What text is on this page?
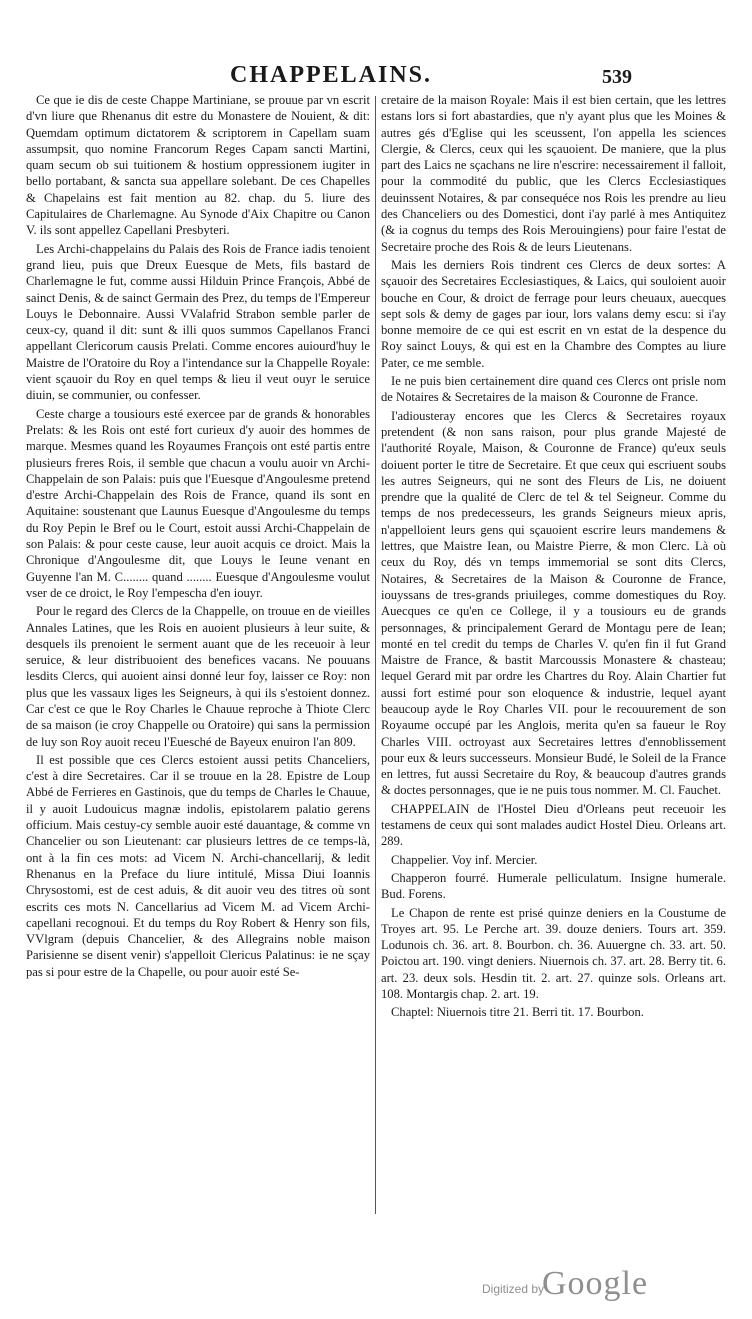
CHAPPELAINS.	539

Ce que ie dis de ceste Chappe Martiniane, se prouue par vn escrit d'vn liure que Rhenanus dit estre du Monastere de Nouient, & dit: Quemdam optimum dictatorem & scriptorem in Capellam suam assumpsit, quo nomine Francorum Reges Capam sancti Martini, quam secum ob sui tuitionem & hostium oppressionem iugiter in bello portabant, & sancta sua appellare solebant. De ces Chapelles & Chapelains est fait mention au 82. chap. du 5. liure des Capitulaires de Charlemagne. Au Synode d'Aix Chapitre ou Canon V. ils sont appellez Capellani Presbyteri.

Les Archi-chappelains du Palais des Rois de France iadis tenoient grand lieu, puis que Dreux Euesque de Mets, fils bastard de Charlemagne le fut, comme aussi Hilduin Prince François, Abbé de sainct Denis, & de sainct Germain des Prez, du temps de l'Empereur Louys le Debonnaire. Aussi VValafrid Strabon semble parler de ceux-cy, quand il dit: sunt & illi quos summos Capellanos Franci appellant Clericorum causis Prelati. Comme encores auiourd'huy le Maistre de l'Oratoire du Roy a l'intendance sur la Chappelle Royale: vient sçauoir du Roy en quel temps & lieu il veut ouyr le seruice diuin, se communier, ou confesser.

Ceste charge a tousiours esté exercee par de grands & honorables Prelats: & les Rois ont esté fort curieux d'y auoir des hommes de marque. Mesmes quand les Royaumes François ont esté partis entre plusieurs freres Rois, il semble que chacun a voulu auoir vn Archi-Chappelain de son Palais: puis que l'Euesque d'Angoulesme pretend d'estre Archi-Chappelain des Rois de France, quand ils sont en Aquitaine: soustenant que Launus Euesque d'Angoulesme du temps du Roy Pepin le Bref ou le Court, estoit aussi Archi-Chappelain de son Palais: & pour ceste cause, leur auoit acquis ce droict. Mais la Chronique d'Angoulesme dit, que Louys le Ieune venant en Guyenne l'an M. C........ quand ........ Euesque d'Angoulesme voulut vser de ce droict, le Roy l'empescha d'en iouyr.

Pour le regard des Clercs de la Chappelle, on trouue en de vieilles Annales Latines, que les Rois en auoient plusieurs à leur suite, & desquels ils prenoient le serment auant que de les receuoir à leur seruice, & leur distribuoient des benefices vacans. Ne pouuans lesdits Clercs, qui auoient ainsi donné leur foy, laisser ce Roy: non plus que les vassaux liges les Seigneurs, à qui ils s'estoient donnez. Car c'est ce que le Roy Charles le Chauue reproche à Thiote Clerc de sa maison (ie croy Chappelle ou Oratoire) qui sans la permission de luy son Roy auoit receu l'Euesché de Bayeux enuiron l'an 809.

Il est possible que ces Clercs estoient aussi petits Chanceliers, c'est à dire Secretaires. Car il se trouue en la 28. Epistre de Loup Abbé de Ferrieres en Gastinois, que du temps de Charles le Chauue, il y auoit Ludouicus magnæ indolis, epistolarem palatio gerens officium. Mais cestuy-cy semble auoir esté dauantage, & comme vn Chancelier ou son Lieutenant: car plusieurs lettres de ce temps-là, ont à la fin ces mots: ad Vicem N. Archi-chancellarij, & ledit Rhenanus en la Preface du liure intitulé, Missa Diui Ioannis Chrysostomi, est de cest aduis, & dit auoir veu des titres où sont escrits ces mots N. Cancellarius ad Vicem M. ad Vicem Archi-capellani recognoui. Et du temps du Roy Robert & Henry son fils, VVlgram (depuis Chancelier, & des Allegrains noble maison Parisienne se disent venir) s'appelloit Clericus Palatinus: ie ne sçay pas si pour estre de la Chapelle, ou pour auoir esté Se-

cretaire de la maison Royale: Mais il est bien certain, que les lettres estans lors si fort abastardies, que n'y ayant plus que les Moines & autres gés d'Eglise qui les sceussent, l'on appella les sciences Clergie, & Clercs, ceux qui les sçauoient. De maniere, que la plus part des Laics ne sçachans ne lire n'escrire: necessairement il falloit, pour la commodité du public, que les Clercs Ecclesiastiques deuinssent Notaires, & par consequéce nos Rois les prendre au lieu des Chanceliers ou des Domestici, dont i'ay parlé à mes Antiquitez (& ia cognus du temps des Rois Merouingiens) pour faire l'estat de Secretaire proche des Rois & de leurs Lieutenans.

Mais les derniers Rois tindrent ces Clercs de deux sortes: A sçauoir des Secretaires Ecclesiastiques, & Laics, qui souloient auoir bouche en Cour, & droict de ferrage pour leurs cheuaux, auecques sept sols & demy de gages par iour, lors valans demy escu: si i'ay bonne memoire de ce qui est escrit en vn estat de la despence du Roy sainct Louys, & qui est en la Chambre des Comptes au liure Pater, ce me semble.

Ie ne puis bien certainement dire quand ces Clercs ont prisle nom de Notaires & Secretaires de la maison & Couronne de France.

I'adiousteray encores que les Clercs & Secretaires royaux pretendent (& non sans raison, pour plus grande Majesté de l'authorité Royale, Maison, & Couronne de France) qu'eux seuls doiuent porter le titre de Secretaire. Et que ceux qui escriuent soubs les autres Seigneurs, qui ne sont des Fleurs de Lis, ne doiuent prendre que la qualité de Clerc de tel & tel Seigneur. Comme du temps de nos predecesseurs, les grands Seigneurs mieux apris, n'appelloient leurs gens qui sçauoient escrire leurs mandemens & lettres, que Maistre Iean, ou Maistre Pierre, & mon Clerc. Là où ceux du Roy, dés vn temps immemorial se sont dits Clercs, Notaires, & Secretaires de la Maison & Couronne de France, iouyssans de tres-grands priuileges, comme domestiques du Roy. Auecques ce qu'en ce College, il y a tousiours eu de grands personnages, & principalement Gerard de Montagu pere de Iean; monté en tel credit du temps de Charles V. qu'en fin il fut Grand Maistre de France, & bastit Marcoussis Monastere & chasteau; lequel Gerard mit par ordre les Chartres du Roy. Alain Chartier fut aussi fort estimé pour son eloquence & industrie, lequel ayant beaucoup ayde le Roy Charles VII. pour le recouurement de son Royaume occupé par les Anglois, merita qu'en sa faueur le Roy Charles VIII. octroyast aux Secretaires lettres d'ennoblissement pour eux & leurs successeurs. Monsieur Budé, le Soleil de la France en lettres, fut aussi Secretaire du Roy, & beaucoup d'autres grands & doctes personnages, que ie ne puis tous nommer. M. Cl. Fauchet.

CHAPPELAIN de l'Hostel Dieu d'Orleans peut receuoir les testamens de ceux qui sont malades audict Hostel Dieu. Orleans art. 289.

Chappelier. Voy inf. Mercier.

Chapperon fourré. Humerale pelliculatum. Insigne humerale. Bud. Forens.

Le Chapon de rente est prisé quinze deniers en la Coustume de Troyes art. 95. Le Perche art. 39. douze deniers. Tours art. 359. Lodunois ch. 36. art. 8. Bourbon. ch. 36. Auuergne ch. 33. art. 50. Poictou art. 190. vingt deniers. Niuernois ch. 37. art. 28. Berry tit. 6. art. 23. deux sols. Hesdin tit. 2. art. 27. quinze sols. Orleans art. 108. Montargis chap. 2. art. 19.

Chaptel: Niuernois titre 21. Berri tit. 17. Bourbon.

Digitized by
Google
